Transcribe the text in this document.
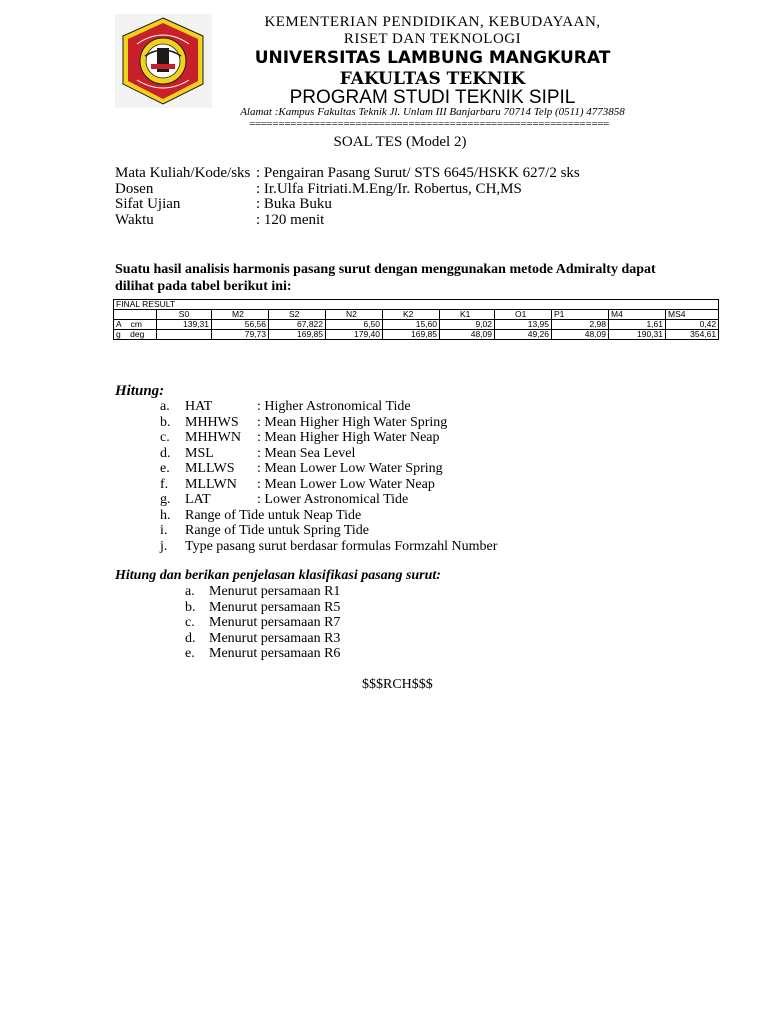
KEMENTERIAN PENDIDIKAN, KEBUDAYAAN,
RISET DAN TEKNOLOGI
UNIVERSITAS LAMBUNG MANGKURAT
FAKULTAS TEKNIK
PROGRAM STUDI TEKNIK SIPIL
Alamat :Kampus Fakultas Teknik Jl. Unlam III Banjarbaru 70714 Telp (0511) 4773858
=============================================================
SOAL TES (Model 2)
Mata Kuliah/Kode/sks : Pengairan Pasang Surut/ STS 6645/HSKK 627/2 sks
Dosen	: Ir.Ulfa Fitriati.M.Eng/Ir. Robertus, CH,MS
Sifat Ujian	: Buka Buku
Waktu	: 120 menit
Suatu hasil analisis harmonis pasang surut dengan menggunakan metode Admiralty dapat dilihat pada tabel berikut ini:
FINAL RESULT										
	S0	M2	S2	N2	K2	K1	O1	P1	M4	MS4
A    cm	139,31	56,56	67,822	6,50	15,60	9,02	13,95	2,98	1,61	0,42
g    deg		79,73	169,85	179,40	169,85	48,09	49,26	48,09	190,31	354,61
Hitung:
a. HAT	: Higher Astronomical Tide
b. MHHWS : Mean Higher High Water Spring
c. MHHWN : Mean Higher High Water Neap
d. MSL	: Mean Sea Level
e. MLLWS : Mean Lower Low Water Spring
f. MLLWN : Mean Lower Low Water Neap
g. LAT	: Lower Astronomical Tide
h. Range of Tide untuk Neap Tide
i. Range of Tide untuk Spring Tide
j. Type pasang surut berdasar formulas Formzahl Number
Hitung dan berikan penjelasan klasifikasi pasang surut:
a. Menurut persamaan R1
b. Menurut persamaan R5
c. Menurut persamaan R7
d. Menurut persamaan R3
e. Menurut persamaan R6
$$$RCH$$$
